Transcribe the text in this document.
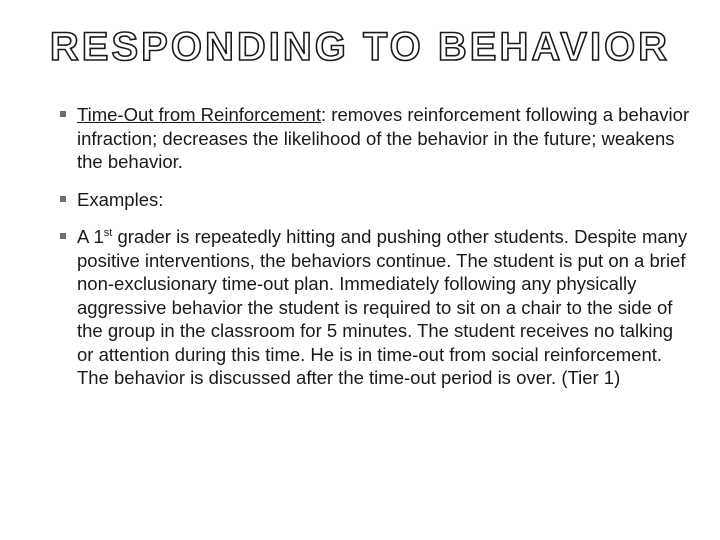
RESPONDING TO BEHAVIOR
Time-Out from Reinforcement: removes reinforcement following a behavior infraction; decreases the likelihood of the behavior in the future; weakens the behavior.
Examples:
A 1st grader is repeatedly hitting and pushing other students. Despite many positive interventions, the behaviors continue. The student is put on a brief non-exclusionary time-out plan. Immediately following any physically aggressive behavior the student is required to sit on a chair to the side of the group in the classroom for 5 minutes. The student receives no talking or attention during this time. He is in time-out from social reinforcement. The behavior is discussed after the time-out period is over. (Tier 1)
